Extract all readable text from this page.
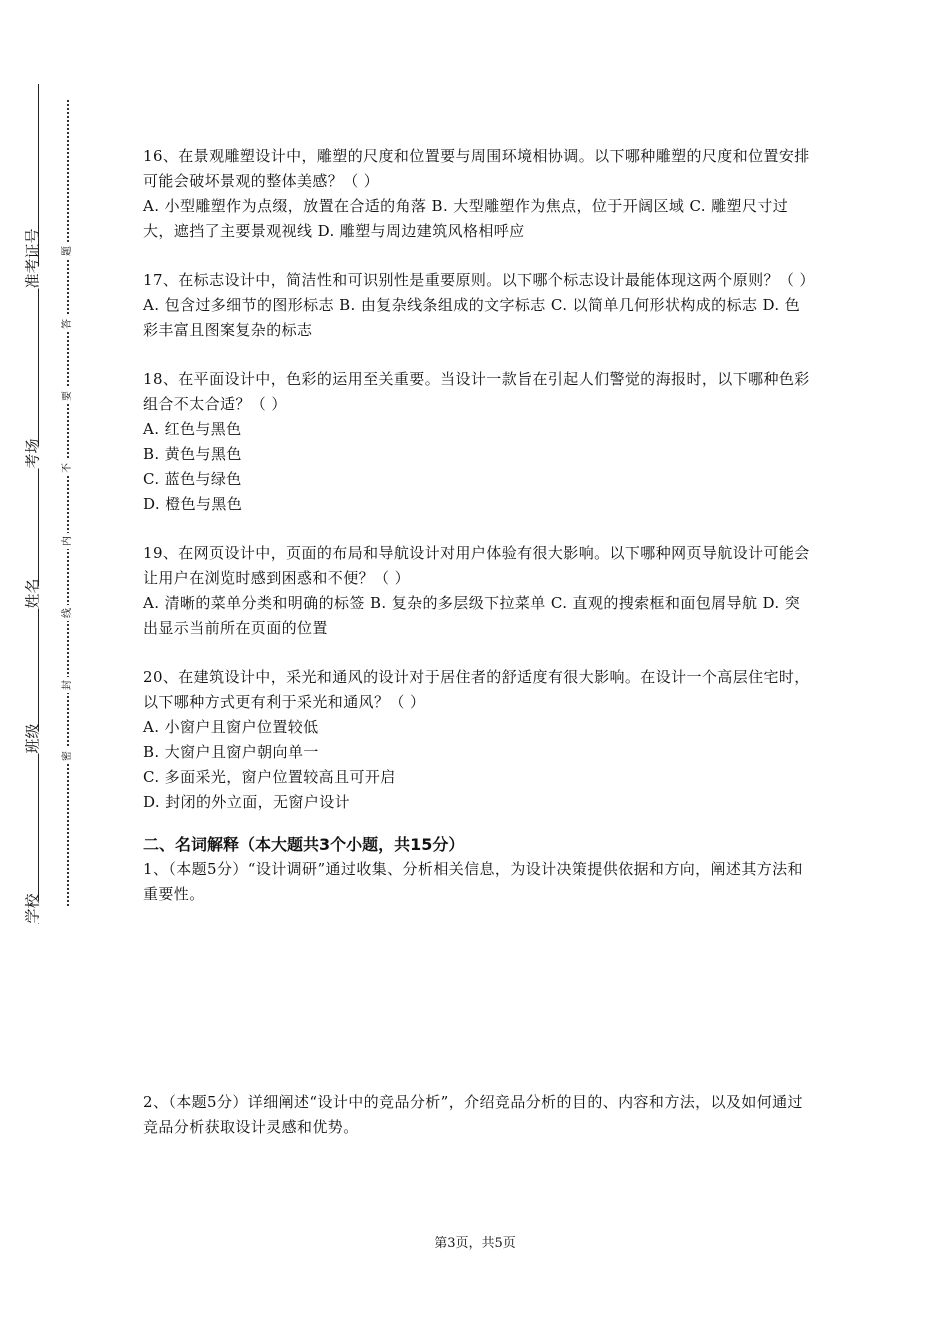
准考证号
考场
姓名
班级
学校
题
答
要
不
内
线
封
密

16、在景观雕塑设计中，雕塑的尺度和位置要与周围环境相协调。以下哪种雕塑的尺度和位置安排可能会破坏景观的整体美感？（ ）

A. 小型雕塑作为点缀，放置在合适的角落 B. 大型雕塑作为焦点，位于开阔区域 C. 雕塑尺寸过大，遮挡了主要景观视线 D. 雕塑与周边建筑风格相呼应

17、在标志设计中，简洁性和可识别性是重要原则。以下哪个标志设计最能体现这两个原则？（ ）

A. 包含过多细节的图形标志 B. 由复杂线条组成的文字标志 C. 以简单几何形状构成的标志 D. 色彩丰富且图案复杂的标志

18、在平面设计中，色彩的运用至关重要。当设计一款旨在引起人们警觉的海报时，以下哪种色彩组合不太合适？（ ）

A. 红色与黑色

B. 黄色与黑色

C. 蓝色与绿色

D. 橙色与黑色

19、在网页设计中，页面的布局和导航设计对用户体验有很大影响。以下哪种网页导航设计可能会让用户在浏览时感到困惑和不便？（ ）

A. 清晰的菜单分类和明确的标签 B. 复杂的多层级下拉菜单 C. 直观的搜索框和面包屑导航 D. 突出显示当前所在页面的位置

20、在建筑设计中，采光和通风的设计对于居住者的舒适度有很大影响。在设计一个高层住宅时，以下哪种方式更有利于采光和通风？（ ）

A. 小窗户且窗户位置较低

B. 大窗户且窗户朝向单一

C. 多面采光，窗户位置较高且可开启

D. 封闭的外立面，无窗户设计

二、名词解释（本大题共3个小题，共15分）

1、（本题5分）“设计调研”通过收集、分析相关信息，为设计决策提供依据和方向，阐述其方法和重要性。

2、（本题5分）详细阐述“设计中的竞品分析”，介绍竞品分析的目的、内容和方法，以及如何通过竞品分析获取设计灵感和优势。

第3页，共5页
